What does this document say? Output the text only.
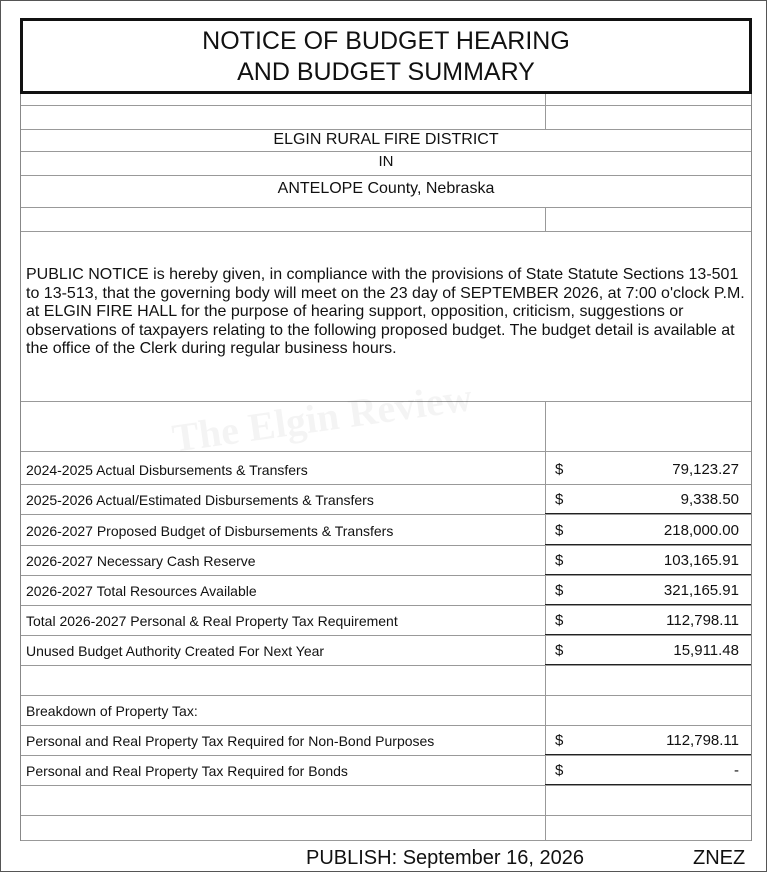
NOTICE OF BUDGET HEARING
AND BUDGET SUMMARY
ELGIN RURAL FIRE DISTRICT
IN
ANTELOPE County, Nebraska
PUBLIC NOTICE is hereby given, in compliance with the provisions of State Statute Sections 13-501 to 13-513, that the governing body will meet on the 23 day of SEPTEMBER 2026, at 7:00 o'clock P.M. at ELGIN FIRE HALL for the purpose of hearing support, opposition, criticism, suggestions or observations of taxpayers relating to the following proposed budget. The budget detail is available at the office of the Clerk during regular business hours.
2024-2025 Actual Disbursements & Transfers	$	79,123.27
2025-2026 Actual/Estimated Disbursements & Transfers	$	9,338.50
2026-2027 Proposed Budget of Disbursements & Transfers	$	218,000.00
2026-2027 Necessary Cash Reserve	$	103,165.91
2026-2027 Total Resources Available	$	321,165.91
Total 2026-2027 Personal & Real Property Tax Requirement	$	112,798.11
Unused Budget Authority Created For Next Year	$	15,911.48
Breakdown of Property Tax:
Personal and Real Property Tax Required for Non-Bond Purposes	$	112,798.11
Personal and Real Property Tax Required for Bonds	$	-
PUBLISH: September 16, 2026	ZNEZ
